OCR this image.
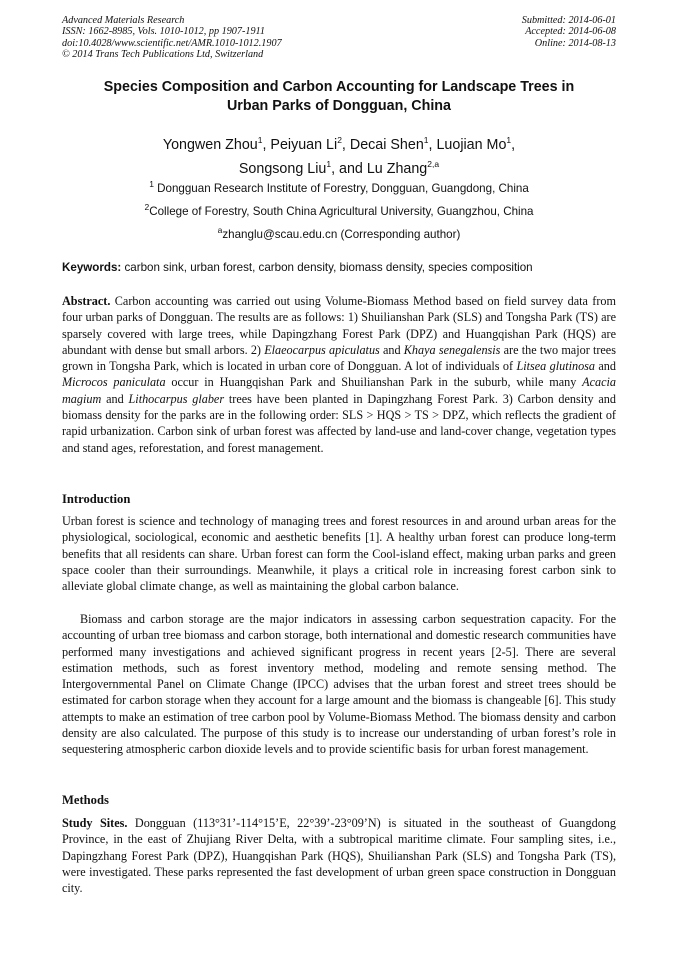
Advanced Materials Research
ISSN: 1662-8985, Vols. 1010-1012, pp 1907-1911
doi:10.4028/www.scientific.net/AMR.1010-1012.1907
© 2014 Trans Tech Publications Ltd, Switzerland
Submitted: 2014-06-01
Accepted: 2014-06-08
Online: 2014-08-13
Species Composition and Carbon Accounting for Landscape Trees in
Urban Parks of Dongguan, China
Yongwen Zhou$^1$, Peiyuan Li$^2$, Decai Shen$^1$, Luojian Mo$^1$,
Songsong Liu$^1$, and Lu Zhang$^{2,a}$
$^1$ Dongguan Research Institute of Forestry, Dongguan, Guangdong, China
$^2$College of Forestry, South China Agricultural University, Guangzhou, China
$^a$zhanglu@scau.edu.cn (Corresponding author)
Keywords: carbon sink, urban forest, carbon density, biomass density, species composition

Abstract. Carbon accounting was carried out using Volume-Biomass Method based on field survey data from four urban parks of Dongguan. The results are as follows: 1) Shuilianshan Park (SLS) and Tongsha Park (TS) are sparsely covered with large trees, while Dapingzhang Forest Park (DPZ) and Huangqishan Park (HQS) are abundant with dense but small arbors. 2) Elaeocarpus apiculatus and Khaya senegalensis are the two major trees grown in Tongsha Park, which is located in urban core of Dongguan. A lot of individuals of Litsea glutinosa and Microcos paniculata occur in Huangqishan Park and Shuilianshan Park in the suburb, while many Acacia magium and Lithocarpus glaber trees have been planted in Dapingzhang Forest Park. 3) Carbon density and biomass density for the parks are in the following order: SLS > HQS > TS > DPZ, which reflects the gradient of rapid urbanization. Carbon sink of urban forest was affected by land-use and land-cover change, vegetation types and stand ages, reforestation, and forest management.

Introduction

Urban forest is science and technology of managing trees and forest resources in and around urban areas for the physiological, sociological, economic and aesthetic benefits [1]. A healthy urban forest can produce long-term benefits that all residents can share. Urban forest can form the Cool-island effect, making urban parks and green space cooler than their surroundings. Meanwhile, it plays a critical role in increasing forest carbon sink to alleviate global climate change, as well as maintaining the global carbon balance.

Biomass and carbon storage are the major indicators in assessing carbon sequestration capacity. For the accounting of urban tree biomass and carbon storage, both international and domestic research communities have performed many investigations and achieved significant progress in recent years [2-5]. There are several estimation methods, such as forest inventory method, modeling and remote sensing method. The Intergovernmental Panel on Climate Change (IPCC) advises that the urban forest and street trees should be estimated for carbon storage when they account for a large amount and the biomass is changeable [6]. This study attempts to make an estimation of tree carbon pool by Volume-Biomass Method. The biomass density and carbon density are also calculated. The purpose of this study is to increase our understanding of urban forest’s role in sequestering atmospheric carbon dioxide levels and to provide scientific basis for urban forest management.

Methods

Study Sites. Dongguan (113°31’-114°15’E, 22°39’-23°09’N) is situated in the southeast of Guangdong Province, in the east of Zhujiang River Delta, with a subtropical maritime climate. Four sampling sites, i.e., Dapingzhang Forest Park (DPZ), Huangqishan Park (HQS), Shuilianshan Park (SLS) and Tongsha Park (TS), were investigated. These parks represented the fast development of urban green space construction in Dongguan city.
